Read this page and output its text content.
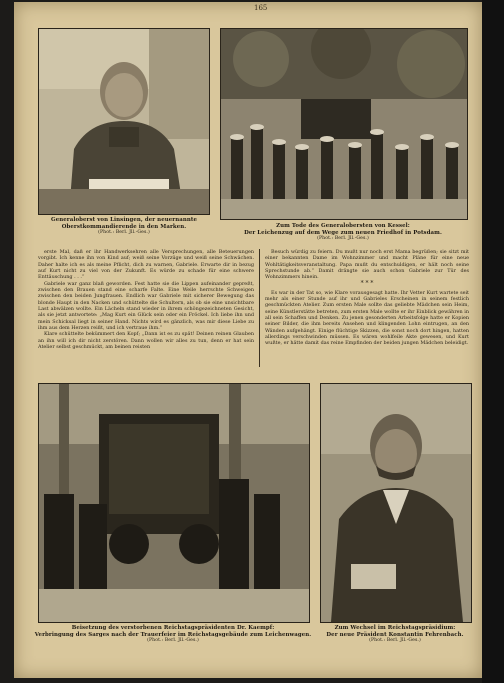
165
Generaloberst von Linsingen, der neuernannte Oberstkommandierende in den Marken.
(Phot.: Berl. Jll.-Ges.)
Zum Tode des Generalobersten von Kessel:
Der Leichenzug auf dem Wege zum neuen Friedhof in Potsdam.
(Phot.: Berl. Jll.-Ges.)

erste Mal, daß er ihr Handwerksehren alle Versprechungen, alle Beteuerungen vorgibt. Ich kenne ihn von Kind auf; weiß seine Vorzüge und weiß seine Schwächen. Daher halte ich es als meine Pflicht, dich zu warnen, Gabriele. Erwarte dir in bezug auf Kurt nicht zu viel von der Zukunft. Es würde zu schade für eine schwere Enttäuschung . . .“

Gabriele war ganz blaß geworden. Fest hatte sie die Lippen aufeinander gepreßt, zwischen den Brauen stand eine scharfe Falte. Eine Weile herrschte Schweigen zwischen den beiden Jungfrauen. Endlich war Gabriele mit sicherer Bewegung das blonde Haupt in den Nacken und schüttelte die Schultern, als ob sie eine unsichtbare Last abwälzen wollte. Ein Lächeln stand wieder in ihrem schöngezeichneten Gesicht, als sie jetzt antwortete: „Mag Kurt ein Glück sein oder ein Fröckel. Ich liebe ihn und mein Schicksal liegt in seiner Hand. Nichts wird es gänzlich, was mir diese Liebe zu ihm aus dem Herzen reißt, und ich vertraue ihm.“

Klare schüttelte bekümmert den Kopf; „Dann ist es zu spät! Deinen reinen Glauben an ihn will ich dir nicht zerstören. Dann wollen wir alles zu tun, denn er hat sein Atelier selbst geschmückt, am beinen reisten

Besuch würdig zu feiern. Du mußt nur noch erst Mama begrüßen; sie sitzt mit einer bekannten Dame im Wohnzimmer und macht Pläne für eine neue Wohltätigkeitsveranstaltung. Papa mußt du entschuldigen, er hält noch seine Sprechstunde ab.“ Damit drängte sie auch schon Gabriele zur Tür des Wohnzimmers hinein.

* * *

Es war in der Tat so, wie Klare vorausgesagt hatte. Ihr Vetter Kurt wartete seit mehr als einer Stunde auf ihr und Gabrieles Erscheinen in seinem festlich geschmückten Atelier. Zum ersten Male sollte das geliebte Mädchen sein Heim, seine Künstlerstätte betreten, zum ersten Male wollte er ihr Einblick gewähren in all sein Schaffen und Denken. Zu jenen gesonderten Arbeitsfolge hatte er Kopien seiner Bilder, die ihm bereits Ansehen und klingenden Lohn eintrugen, an den Wänden aufgehängt. Einige flüchtige Skizzen, die sonst noch dort hingen, hatten allerdings verschwinden müssen. Es wären wohlfeile Akte gewesen, und Kurt wußte, er hätte damit das reine Empfinden der beiden jungen Mädchen beleidigt.

Beisetzung des verstorbenen Reichstagspräsidenten Dr. Kaempf:
Verbringung des Sarges nach der Trauerfeier im Reichstagsgebäude zum Leichenwagen.
(Phot.: Berl. Jll.-Ges.)
Zum Wechsel im Reichstagspräsidium:
Der neue Präsident Konstantin Fehrenbach.
(Phot.: Berl. Jll.-Ges.)
